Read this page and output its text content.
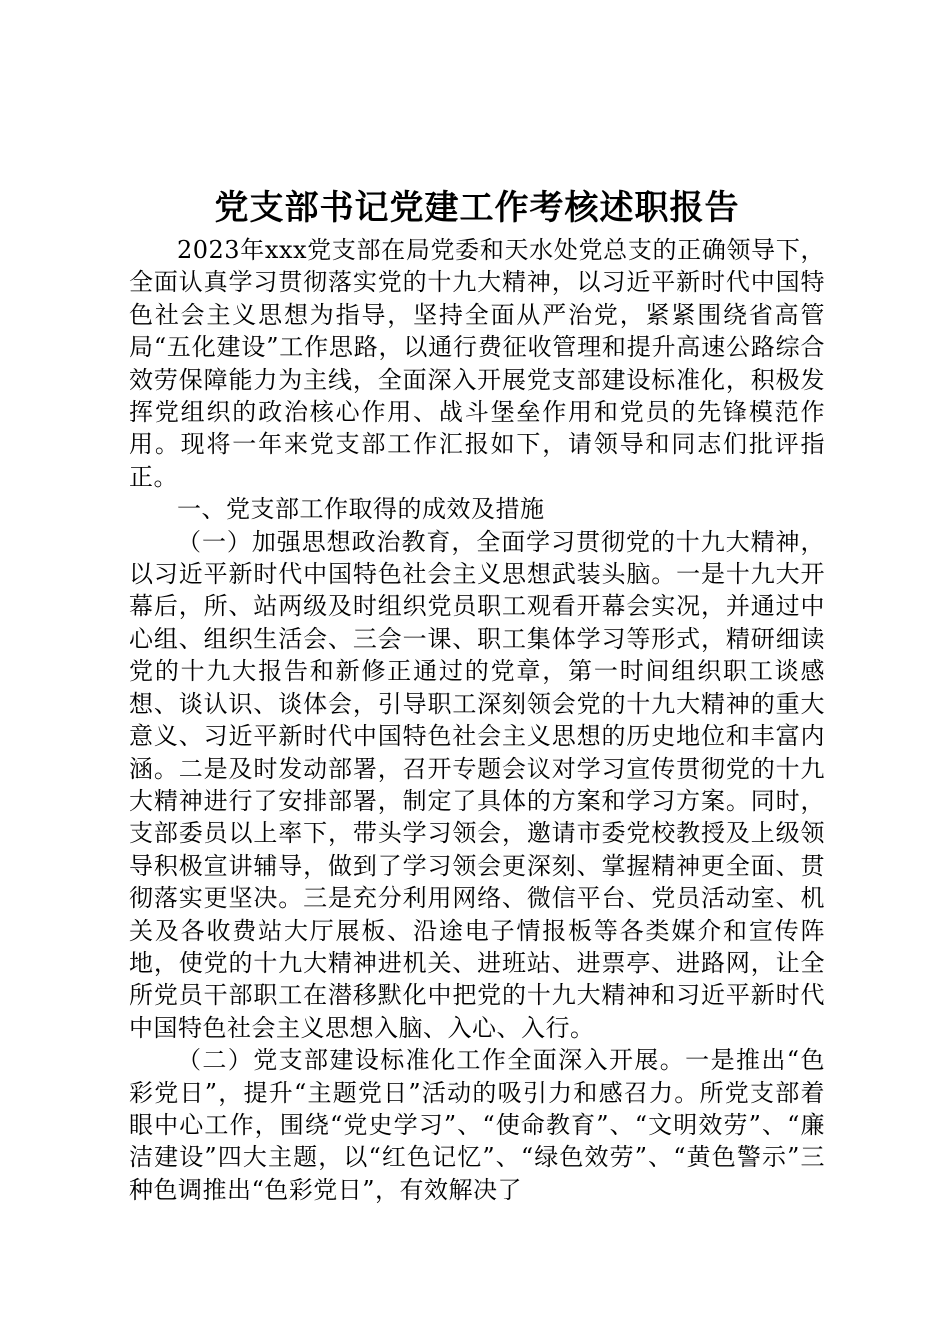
党支部书记党建工作考核述职报告

2023年xxx党支部在局党委和天水处党总支的正确领导下，全面认真学习贯彻落实党的十九大精神，以习近平新时代中国特色社会主义思想为指导，坚持全面从严治党，紧紧围绕省高管局“五化建设”工作思路，以通行费征收管理和提升高速公路综合效劳保障能力为主线，全面深入开展党支部建设标准化，积极发挥党组织的政治核心作用、战斗堡垒作用和党员的先锋模范作用。现将一年来党支部工作汇报如下，请领导和同志们批评指正。

一、党支部工作取得的成效及措施

（一）加强思想政治教育，全面学习贯彻党的十九大精神，以习近平新时代中国特色社会主义思想武装头脑。一是十九大开幕后，所、站两级及时组织党员职工观看开幕会实况，并通过中心组、组织生活会、三会一课、职工集体学习等形式，精研细读党的十九大报告和新修正通过的党章，第一时间组织职工谈感想、谈认识、谈体会，引导职工深刻领会党的十九大精神的重大意义、习近平新时代中国特色社会主义思想的历史地位和丰富内涵。二是及时发动部署，召开专题会议对学习宣传贯彻党的十九大精神进行了安排部署，制定了具体的方案和学习方案。同时，支部委员以上率下，带头学习领会，邀请市委党校教授及上级领导积极宣讲辅导，做到了学习领会更深刻、掌握精神更全面、贯彻落实更坚决。三是充分利用网络、微信平台、党员活动室、机关及各收费站大厅展板、沿途电子情报板等各类媒介和宣传阵地，使党的十九大精神进机关、进班站、进票亭、进路网，让全所党员干部职工在潜移默化中把党的十九大精神和习近平新时代中国特色社会主义思想入脑、入心、入行。

（二）党支部建设标准化工作全面深入开展。一是推出“色彩党日”，提升“主题党日”活动的吸引力和感召力。所党支部着眼中心工作，围绕“党史学习”、“使命教育”、“文明效劳”、“廉洁建设”四大主题，以“红色记忆”、“绿色效劳”、“黄色警示”三种色调推出“色彩党日”，有效解决了
